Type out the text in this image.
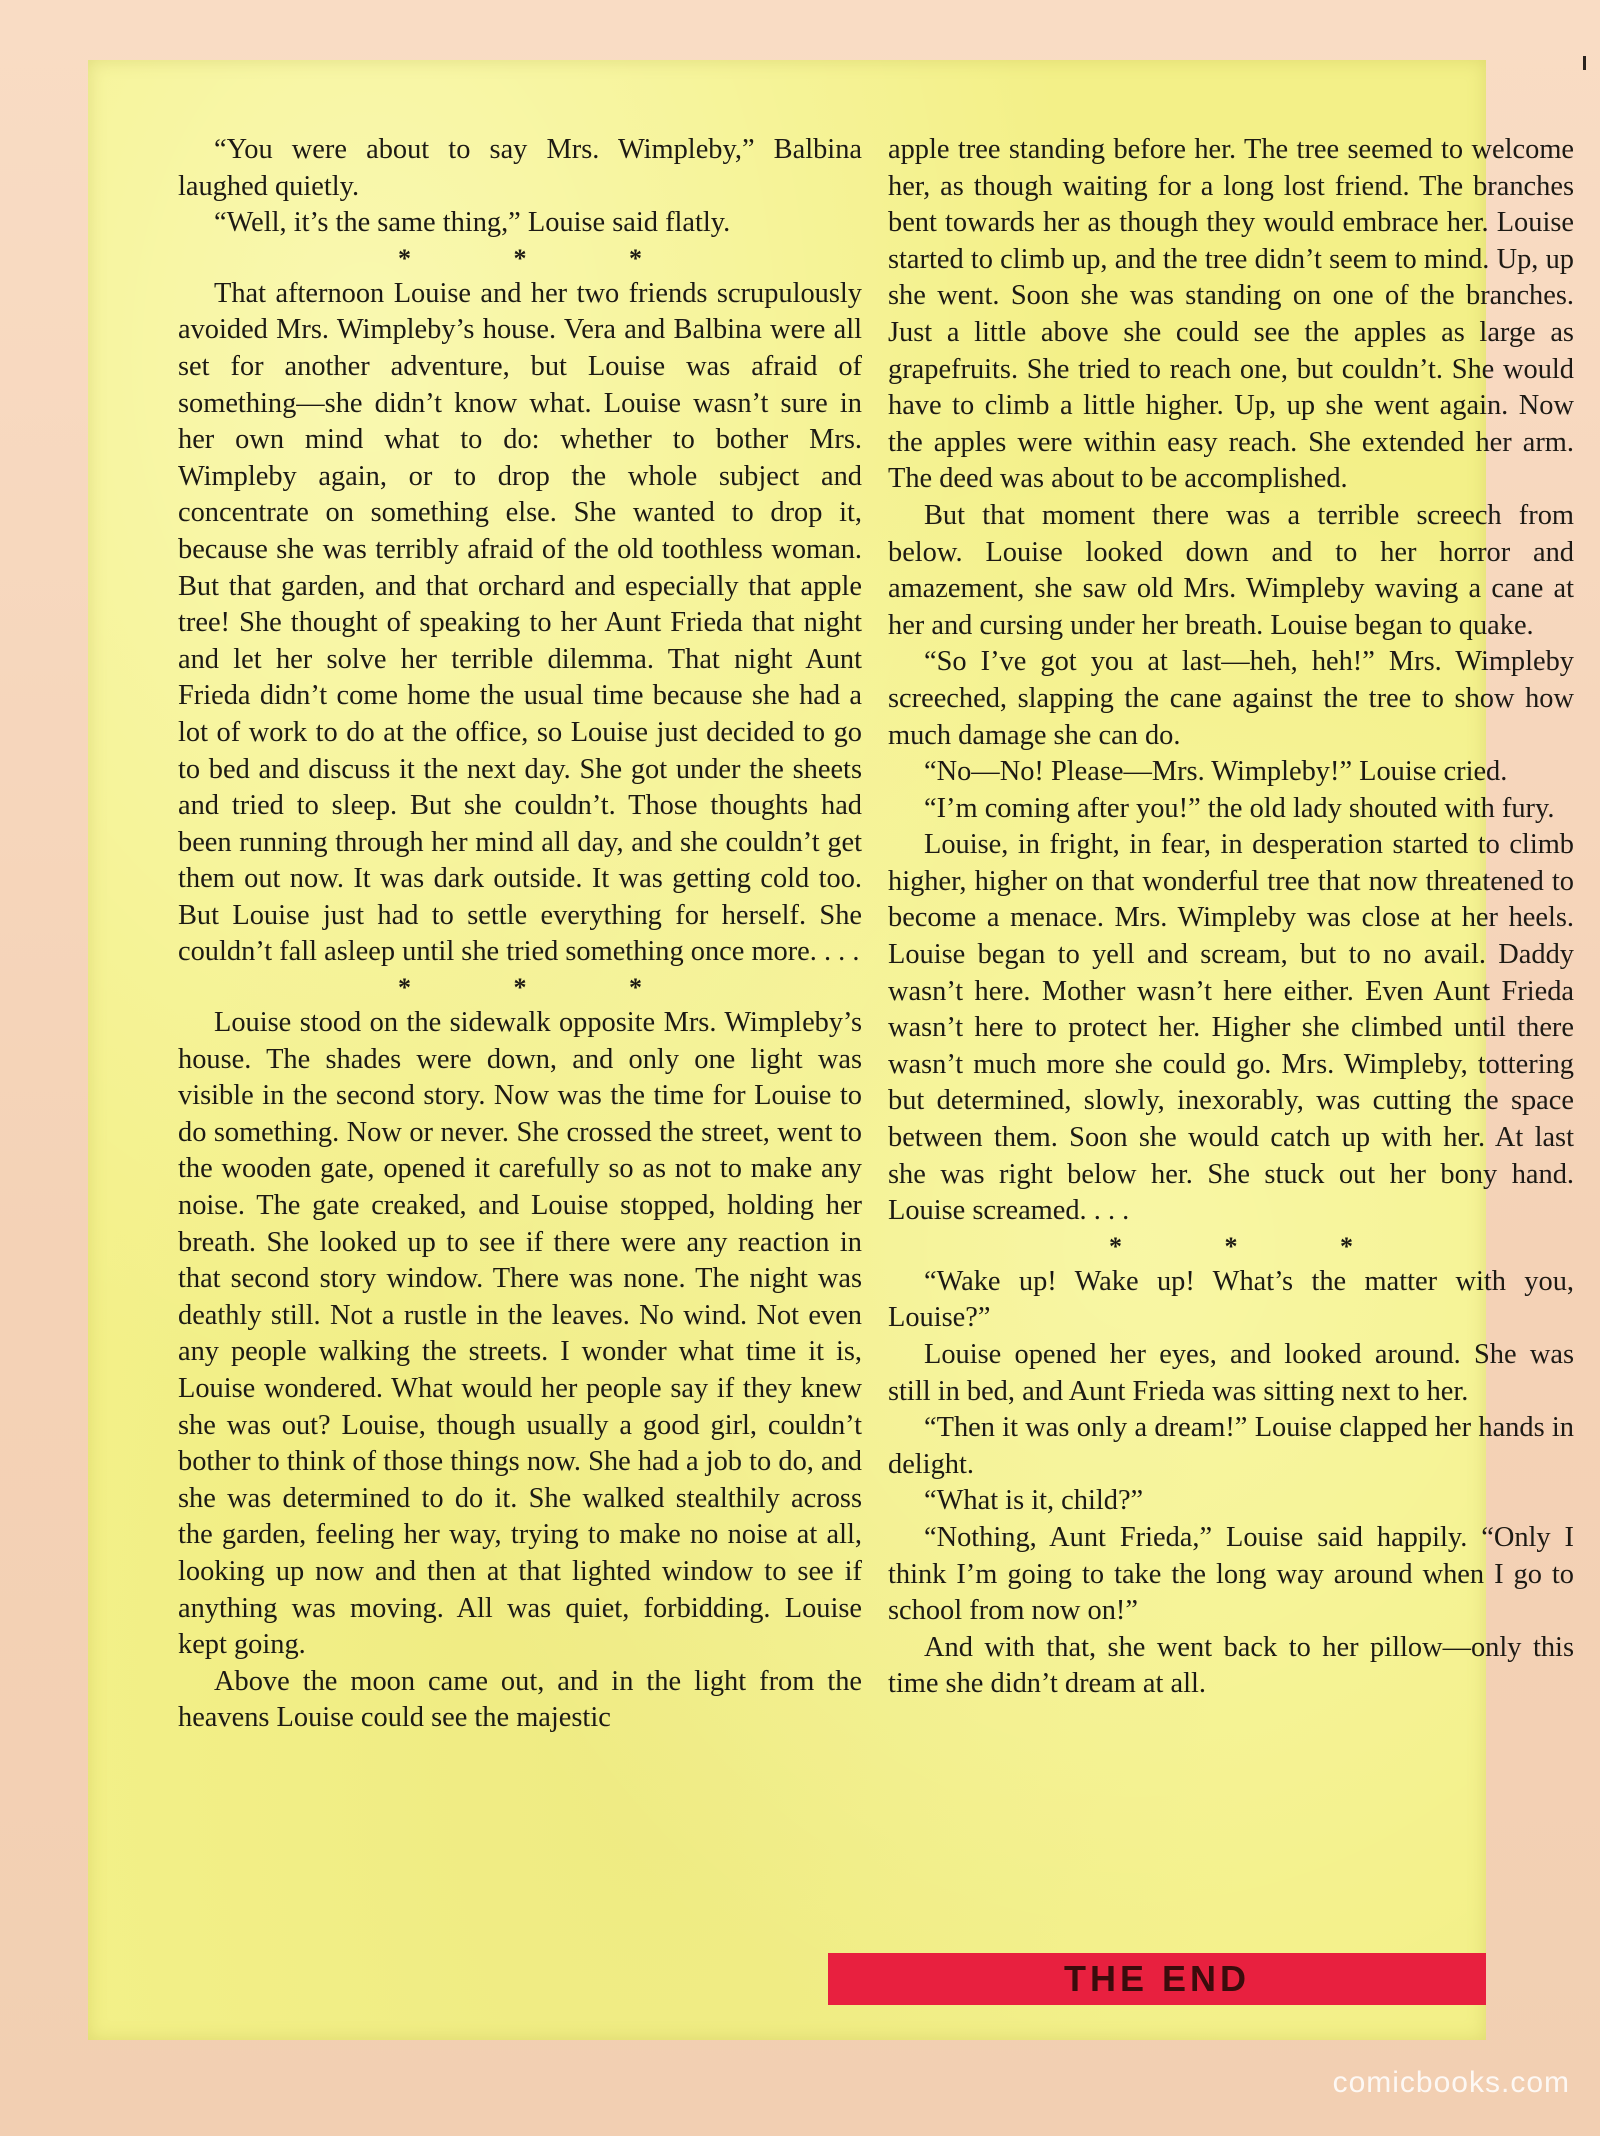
“You were about to say Mrs. Wimpleby,” Balbina laughed quietly.

“Well, it’s the same thing,” Louise said flatly.

* * *

That afternoon Louise and her two friends scrupulously avoided Mrs. Wimpleby’s house. Vera and Balbina were all set for another adventure, but Louise was afraid of something—she didn’t know what. Louise wasn’t sure in her own mind what to do: whether to bother Mrs. Wimpleby again, or to drop the whole subject and concentrate on something else. She wanted to drop it, because she was terribly afraid of the old toothless woman. But that garden, and that orchard and especially that apple tree! She thought of speaking to her Aunt Frieda that night and let her solve her terrible dilemma. That night Aunt Frieda didn’t come home the usual time because she had a lot of work to do at the office, so Louise just decided to go to bed and discuss it the next day. She got under the sheets and tried to sleep. But she couldn’t. Those thoughts had been running through her mind all day, and she couldn’t get them out now. It was dark outside. It was getting cold too. But Louise just had to settle everything for herself. She couldn’t fall asleep until she tried something once more. . . .

* * *

Louise stood on the sidewalk opposite Mrs. Wimpleby’s house. The shades were down, and only one light was visible in the second story. Now was the time for Louise to do something. Now or never. She crossed the street, went to the wooden gate, opened it carefully so as not to make any noise. The gate creaked, and Louise stopped, holding her breath. She looked up to see if there were any reaction in that second story window. There was none. The night was deathly still. Not a rustle in the leaves. No wind. Not even any people walking the streets. I wonder what time it is, Louise wondered. What would her people say if they knew she was out? Louise, though usually a good girl, couldn’t bother to think of those things now. She had a job to do, and she was determined to do it. She walked stealthily across the garden, feeling her way, trying to make no noise at all, looking up now and then at that lighted window to see if anything was moving. All was quiet, forbidding. Louise kept going.

Above the moon came out, and in the light from the heavens Louise could see the majestic

apple tree standing before her. The tree seemed to welcome her, as though waiting for a long lost friend. The branches bent towards her as though they would embrace her. Louise started to climb up, and the tree didn’t seem to mind. Up, up she went. Soon she was standing on one of the branches. Just a little above she could see the apples as large as grapefruits. She tried to reach one, but couldn’t. She would have to climb a little higher. Up, up she went again. Now the apples were within easy reach. She extended her arm. The deed was about to be accomplished.

But that moment there was a terrible screech from below. Louise looked down and to her horror and amazement, she saw old Mrs. Wimpleby waving a cane at her and cursing under her breath. Louise began to quake.

“So I’ve got you at last—heh, heh!” Mrs. Wimpleby screeched, slapping the cane against the tree to show how much damage she can do.

“No—No! Please—Mrs. Wimpleby!” Louise cried.

“I’m coming after you!” the old lady shouted with fury.

Louise, in fright, in fear, in desperation started to climb higher, higher on that wonderful tree that now threatened to become a menace. Mrs. Wimpleby was close at her heels. Louise began to yell and scream, but to no avail. Daddy wasn’t here. Mother wasn’t here either. Even Aunt Frieda wasn’t here to protect her. Higher she climbed until there wasn’t much more she could go. Mrs. Wimpleby, tottering but determined, slowly, inexorably, was cutting the space between them. Soon she would catch up with her. At last she was right below her. She stuck out her bony hand. Louise screamed. . . .

* * *

“Wake up! Wake up! What’s the matter with you, Louise?”

Louise opened her eyes, and looked around. She was still in bed, and Aunt Frieda was sitting next to her.

“Then it was only a dream!” Louise clapped her hands in delight.

“What is it, child?”

“Nothing, Aunt Frieda,” Louise said happily. “Only I think I’m going to take the long way around when I go to school from now on!”

And with that, she went back to her pillow—only this time she didn’t dream at all.

THE END
comicbooks.com
